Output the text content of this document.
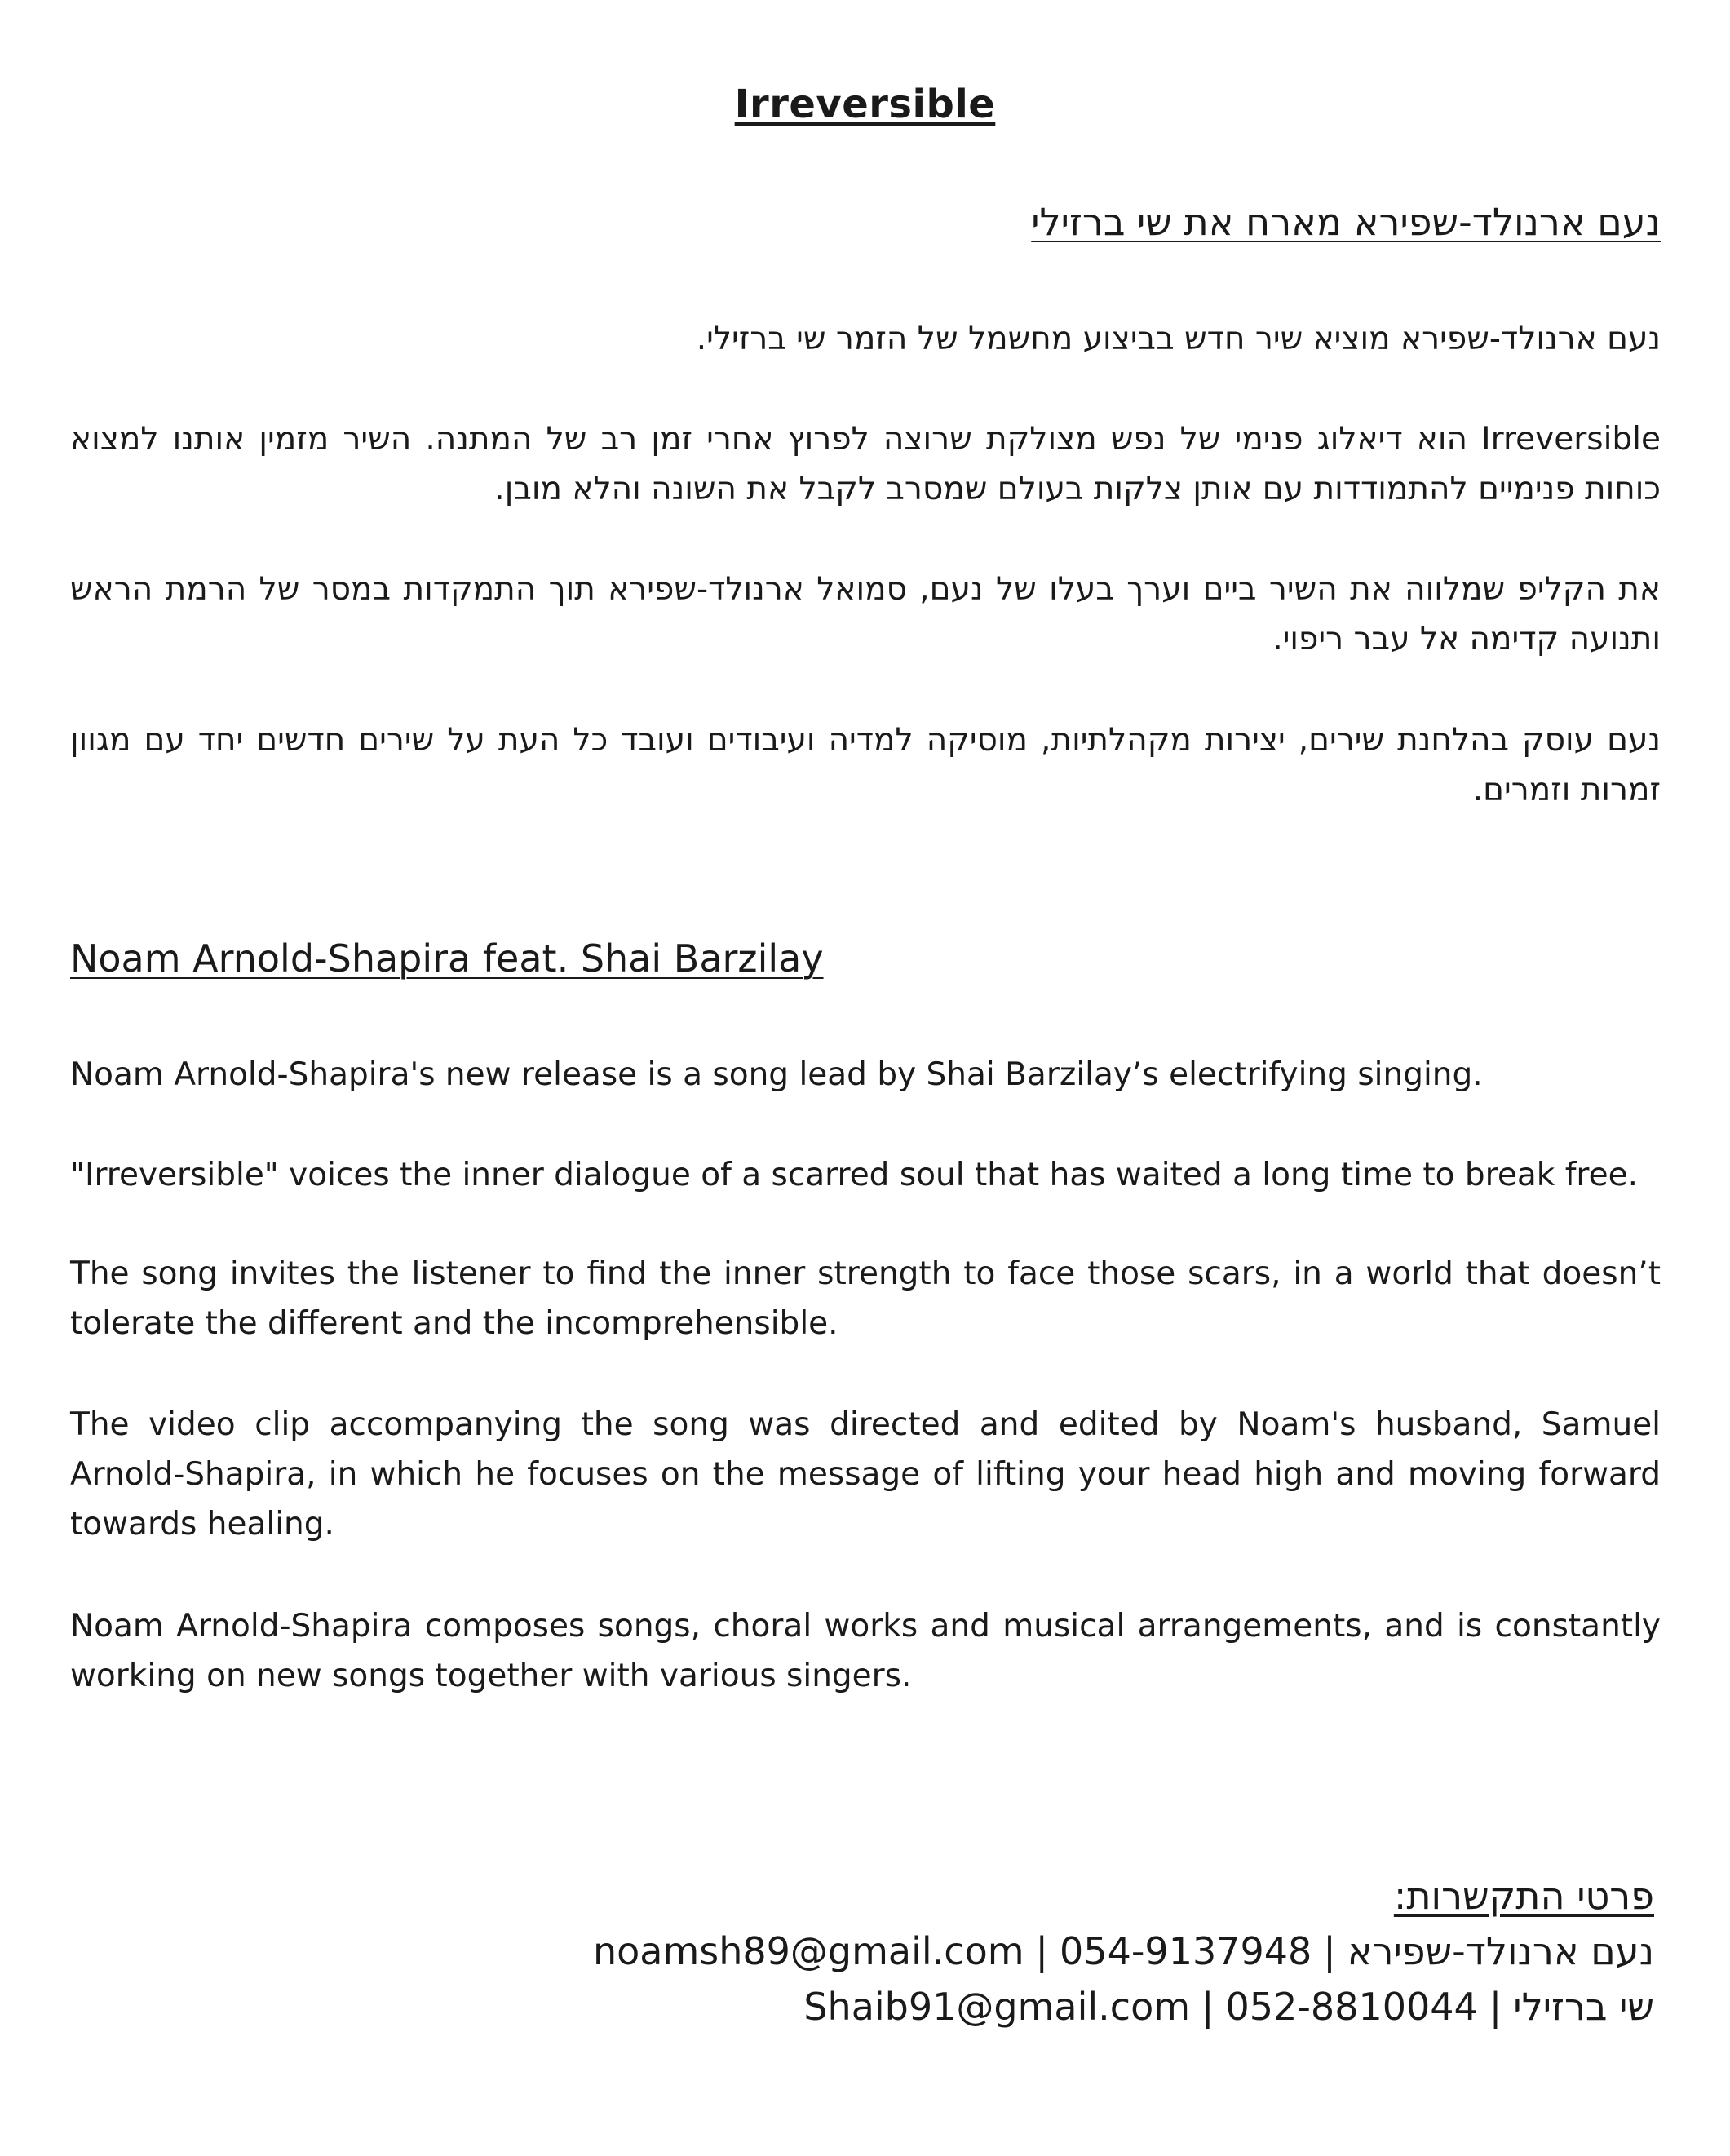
Irreversible
נעם ארנולד-שפירא מארח את שי ברזילי

נעם ארנולד-שפירא מוציא שיר חדש בביצוע מחשמל של הזמר שי ברזילי.

Irreversible הוא דיאלוג פנימי של נפש מצולקת שרוצה לפרוץ אחרי זמן רב של המתנה. השיר מזמין אותנו למצוא כוחות פנימיים להתמודדות עם אותן צלקות בעולם שמסרב לקבל את השונה והלא מובן.

את הקליפ שמלווה את השיר ביים וערך בעלו של נעם, סמואל ארנולד-שפירא תוך התמקדות במסר של הרמת הראש ותנועה קדימה אל עבר ריפוי.

נעם עוסק בהלחנת שירים, יצירות מקהלתיות, מוסיקה למדיה ועיבודים ועובד כל העת על שירים חדשים יחד עם מגוון זמרות וזמרים.

Noam Arnold-Shapira feat. Shai Barzilay

Noam Arnold-Shapira's new release is a song lead by Shai Barzilay’s electrifying singing.

"Irreversible" voices the inner dialogue of a scarred soul that has waited a long time to break free.

The song invites the listener to find the inner strength to face those scars, in a world that doesn’t tolerate the different and the incomprehensible.

The video clip accompanying the song was directed and edited by Noam's husband, Samuel Arnold-Shapira, in which he focuses on the message of lifting your head high and moving forward towards healing.

Noam Arnold-Shapira composes songs, choral works and musical arrangements, and is constantly working on new songs together with various singers.

פרטי התקשרות:
נעם ארנולד-שפירא|054-9137948|noamsh89@gmail.com
שי ברזילי|052-8810044|Shaib91@gmail.com
